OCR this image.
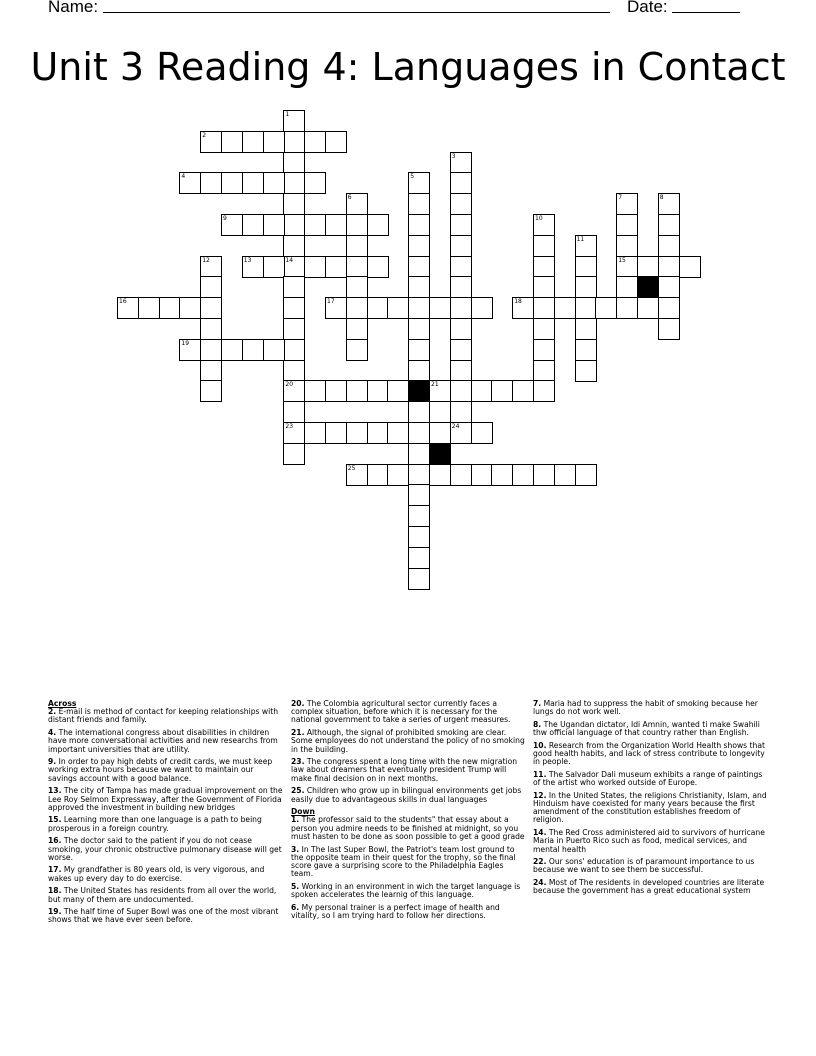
Name:	Date:
Unit 3 Reading 4: Languages in Contact
1
14
2
3
24
4	5
6	7
15
8
9	10
11
12	13
20
23
16	17	18
19
21
25
Across
2. E-mail is method of contact for keeping relationships with distant friends and family.
4. The international congress about disabilities in children have more conversational activities and new researchs from important universities that are utility.
9. In order to pay high debts of credit cards, we must keep working extra hours because we want to maintain our savings account with a good balance.
13. The city of Tampa has made gradual improvement on the Lee Roy Selmon Expressway, after the Government of Florida approved the investment in building new bridges
15. Learning more than one language is a path to being prosperous in a foreign country.
16. The doctor said to the patient if you do not cease smoking, your chronic obstructive pulmonary disease will get worse.
17. My grandfather is 80 years old, is very vigorous, and wakes up every day to do exercise.
18. The United States has residents from all over the world, but many of them are undocumented.
19. The half time of Super Bowl was one of the most vibrant shows that we have ever seen before.
20. The Colombia agricultural sector currently faces a complex situation, before which it is necessary for the national government to take a series of urgent measures.
21. Although, the signal of prohibited smoking are clear. Some employees do not understand the policy of no smoking in the building.
23. The congress spent a long time with the new migration law about dreamers that eventually president Trump will make final decision on in next months.
25. Children who grow up in bilingual environments get jobs easily due to advantageous skills in dual languages
Down
1. The professor said to the students" that essay about a person you admire needs to be finished at midnight, so you must hasten to be done as soon possible to get a good grade
3. In The last Super Bowl, the Patriot's team lost ground to the opposite team in their quest for the trophy, so the final score gave a surprising score to the Philadelphia Eagles team.
5. Working in an environment in wich the target language is spoken accelerates the learnig of this language.
6. My personal trainer is a perfect image of health and vitality, so I am trying hard to follow her directions.
7. Maria had to suppress the habit of smoking because her lungs do not work well.
8. The Ugandan dictator, Idi Amnin, wanted ti make Swahili thw official language of that country rather than English.
10. Research from the Organization World Health shows that good health habits, and lack of stress contribute to longevity in people.
11. The Salvador Dali museum exhibits a range of paintings of the artist who worked outside of Europe.
12. In the United States, the religions Christianity, Islam, and Hinduism have coexisted for many years because the first amendment of the constitution establishes freedom of religion.
14. The Red Cross administered aid to survivors of hurricane Maria in Puerto Rico such as food, medical services, and mental health
22. Our sons' education is of paramount importance to us because we want to see them be successful.
24. Most of The residents in developed countries are literate because the government has a great educational system
